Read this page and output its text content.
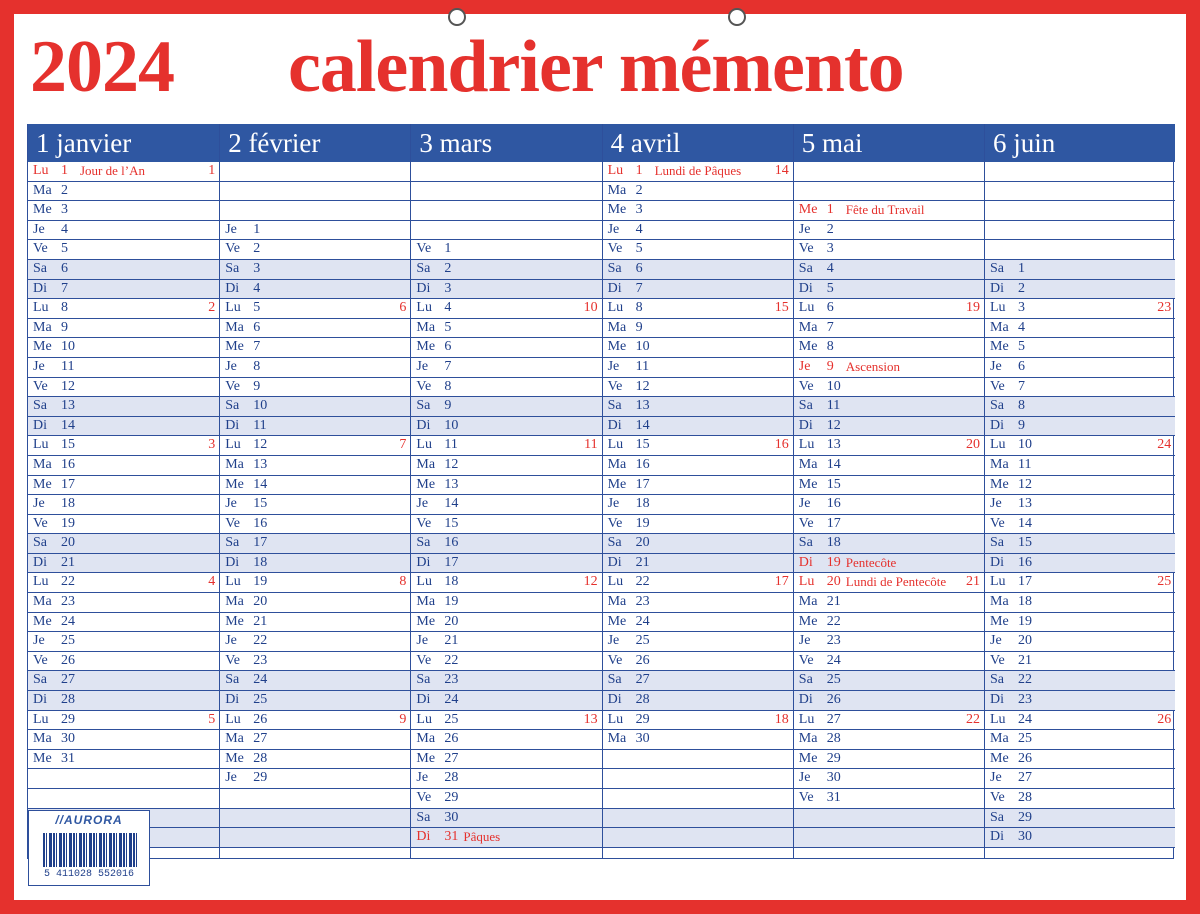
2024 calendrier mémento
1 janvier
Lu 1 Jour de l’An	1
Ma 2
Me 3
Je 4
Ve 5
Sa 6
Di 7
Lu 8	2
Ma 9
Me 10
Je 11
Ve 12
Sa 13
Di 14
Lu 15	3
Ma 16
Me 17
Je 18
Ve 19
Sa 20
Di 21
Lu 22	4
Ma 23
Me 24
Je 25
Ve 26
Sa 27
Di 28
Lu 29	5
Ma 30
Me 31
2 février
Je 1
Ve 2
Sa 3
Di 4
Lu 5	6
Ma 6
Me 7
Je 8
Ve 9
Sa 10
Di 11
Lu 12	7
Ma 13
Me 14
Je 15
Ve 16
Sa 17
Di 18
Lu 19	8
Ma 20
Me 21
Je 22
Ve 23
Sa 24
Di 25
Lu 26	9
Ma 27
Me 28
Je 29
3 mars
Ve 1
Sa 2
Di 3
Lu 4	10
Ma 5
Me 6
Je 7
Ve 8
Sa 9
Di 10
Lu 11	11
Ma 12
Me 13
Je 14
Ve 15
Sa 16
Di 17
Lu 18	12
Ma 19
Me 20
Je 21
Ve 22
Sa 23
Di 24
Lu 25	13
Ma 26
Me 27
Je 28
Ve 29
Sa 30
Di 31 Pâques
4 avril
Lu 1 Lundi de Pâques 14
Ma 2
Me 3
Je 4
Ve 5
Sa 6
Di 7
Lu 8	15
Ma 9
Me 10
Je 11
Ve 12
Sa 13
Di 14
Lu 15	16
Ma 16
Me 17
Je 18
Ve 19
Sa 20
Di 21
Lu 22	17
Ma 23
Me 24
Je 25
Ve 26
Sa 27
Di 28
Lu 29	18
Ma 30
5 mai
Me 1 Fête du Travail
Je 2
Ve 3
Sa 4
Di 5
Lu 6	19
Ma 7
Me 8
Je 9 Ascension
Ve 10
Sa 11
Di 12
Lu 13	20
Ma 14
Me 15
Je 16
Ve 17
Sa 18
Di 19 Pentecôte
Lu 20 Lundi de Pentecôte 21
Ma 21
Me 22
Je 23
Ve 24
Sa 25
Di 26
Lu 27	22
Ma 28
Me 29
Je 30
Ve 31
6 juin
Sa 1
Di 2
Lu 3	23
Ma 4
Me 5
Je 6
Ve 7
Sa 8
Di 9
Lu 10	24
Ma 11
Me 12
Je 13
Ve 14
Sa 15
Di 16
Lu 17	25
Ma 18
Me 19
Je 20
Ve 21
Sa 22
Di 23
Lu 24	26
Ma 25
Me 26
Je 27
Ve 28
Sa 29
Di 30
//AURORA
5 411028 552016
